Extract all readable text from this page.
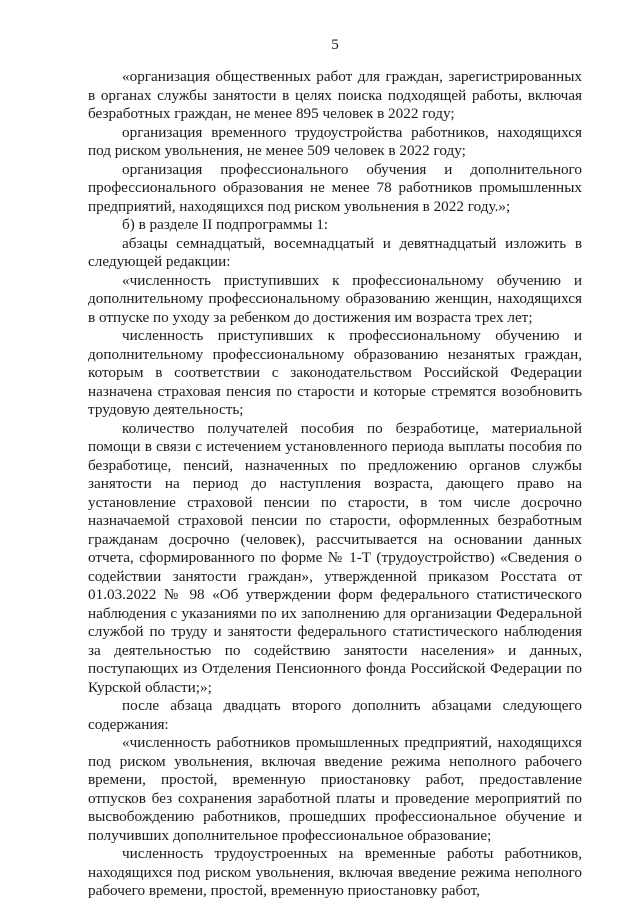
5

«организация общественных работ для граждан, зарегистрированных в органах службы занятости в целях поиска подходящей работы, включая безработных граждан, не менее 895 человек в 2022 году;

организация временного трудоустройства работников, находящихся под риском увольнения, не менее 509 человек в 2022 году;

организация профессионального обучения и дополнительного профессионального образования не менее 78 работников промышленных предприятий, находящихся под риском увольнения в 2022 году.»;

б) в разделе II подпрограммы 1:

абзацы семнадцатый, восемнадцатый и девятнадцатый изложить в следующей редакции:

«численность приступивших к профессиональному обучению и дополнительному профессиональному образованию женщин, находящихся в отпуске по уходу за ребенком до достижения им возраста трех лет;

численность приступивших к профессиональному обучению и дополнительному профессиональному образованию незанятых граждан, которым в соответствии с законодательством Российской Федерации назначена страховая пенсия по старости и которые стремятся возобновить трудовую деятельность;

количество получателей пособия по безработице, материальной помощи в связи с истечением установленного периода выплаты пособия по безработице, пенсий, назначенных по предложению органов службы занятости на период до наступления возраста, дающего право на установление страховой пенсии по старости, в том числе досрочно назначаемой страховой пенсии по старости, оформленных безработным гражданам досрочно (человек), рассчитывается на основании данных отчета, сформированного по форме № 1-Т (трудоустройство) «Сведения о содействии занятости граждан», утвержденной приказом Росстата от 01.03.2022 № 98 «Об утверждении форм федерального статистического наблюдения с указаниями по их заполнению для организации Федеральной службой по труду и занятости федерального статистического наблюдения за деятельностью по содействию занятости населения» и данных, поступающих из Отделения Пенсионного фонда Российской Федерации по Курской области;»;

после абзаца двадцать второго дополнить абзацами следующего содержания:

«численность работников промышленных предприятий, находящихся под риском увольнения, включая введение режима неполного рабочего времени, простой, временную приостановку работ, предоставление отпусков без сохранения заработной платы и проведение мероприятий по высвобождению работников, прошедших профессиональное обучение и получивших дополнительное профессиональное образование;

численность трудоустроенных на временные работы работников, находящихся под риском увольнения, включая введение режима неполного рабочего времени, простой, временную приостановку работ,
